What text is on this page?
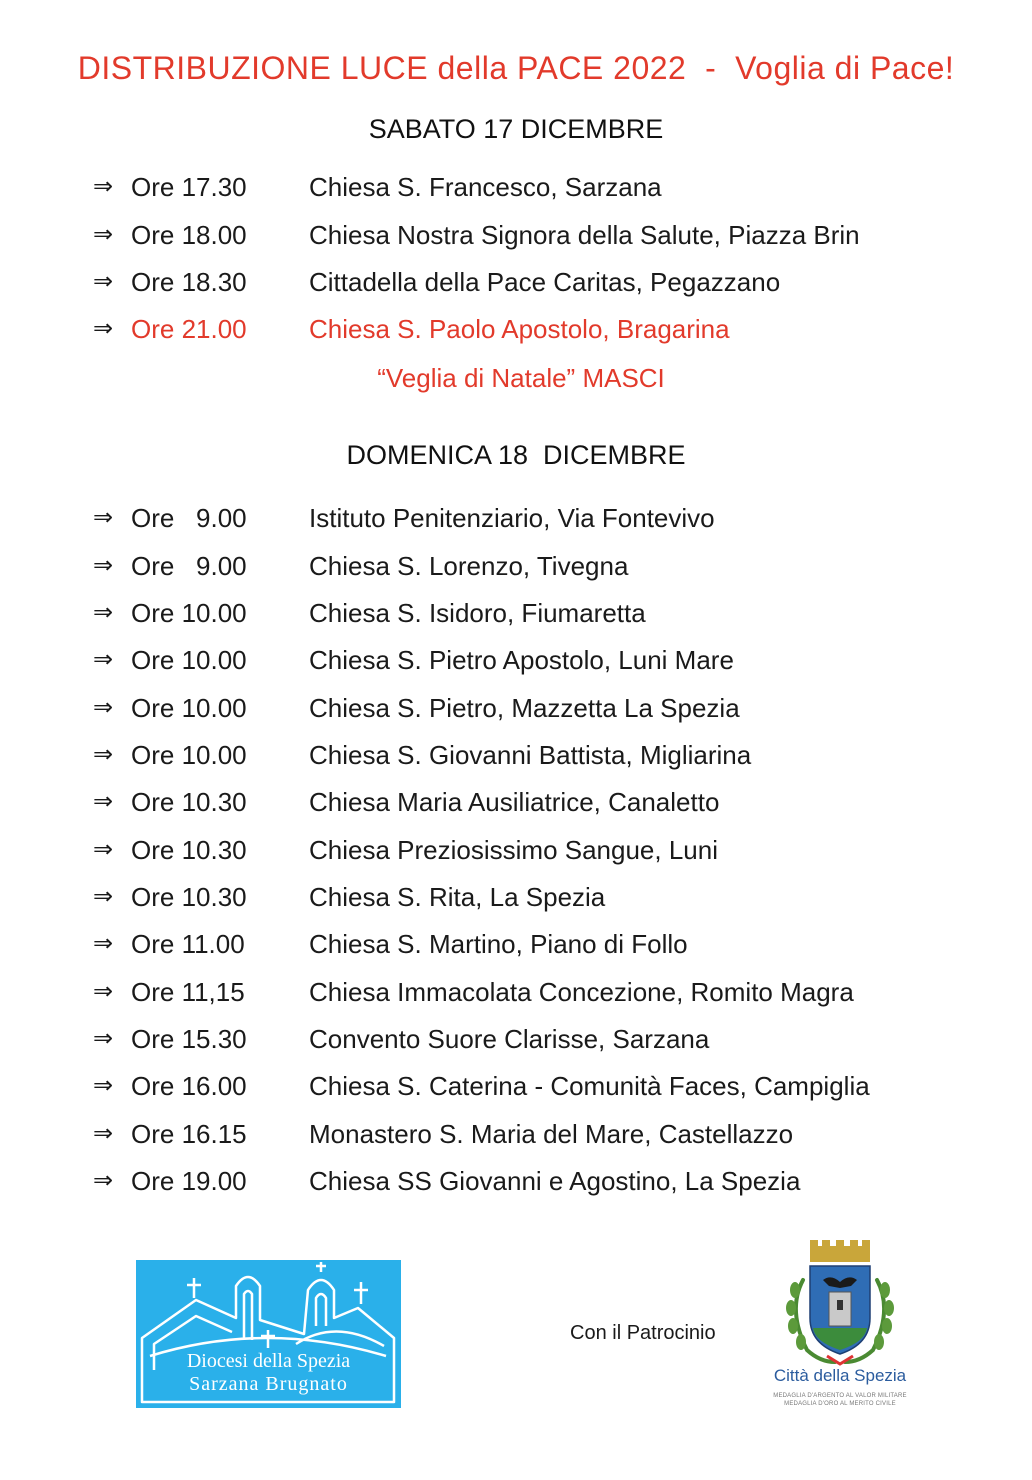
DISTRIBUZIONE LUCE della PACE 2022  -  Voglia di Pace!
SABATO 17 DICEMBRE

⇒

Ore 17.30

Chiesa S. Francesco, Sarzana

⇒

Ore 18.00

Chiesa Nostra Signora della Salute, Piazza Brin

⇒

Ore 18.30

Cittadella della Pace Caritas, Pegazzano

⇒

Ore 21.00

Chiesa S. Paolo Apostolo, Bragarina

“Veglia di Natale” MASCI
DOMENICA 18  DICEMBRE

⇒

Ore   9.00

Istituto Penitenziario, Via Fontevivo

⇒

Ore   9.00

Chiesa S. Lorenzo, Tivegna

⇒

Ore 10.00

Chiesa S. Isidoro, Fiumaretta

⇒

Ore 10.00

Chiesa S. Pietro Apostolo, Luni Mare

⇒

Ore 10.00

Chiesa S. Pietro, Mazzetta La Spezia

⇒

Ore 10.00

Chiesa S. Giovanni Battista, Migliarina

⇒

Ore 10.30

Chiesa Maria Ausiliatrice, Canaletto

⇒

Ore 10.30

Chiesa Preziosissimo Sangue, Luni

⇒

Ore 10.30

Chiesa S. Rita, La Spezia

⇒

Ore 11.00

Chiesa S. Martino, Piano di Follo

⇒

Ore 11,15

Chiesa Immacolata Concezione, Romito Magra

⇒

Ore 15.30

Convento Suore Clarisse, Sarzana

⇒

Ore 16.00

Chiesa S. Caterina - Comunità Faces, Campiglia

⇒

Ore 16.15

Monastero S. Maria del Mare, Castellazzo

⇒

Ore 19.00

Chiesa SS Giovanni e Agostino, La Spezia

Diocesi della Spezia
Sarzana Brugnato
Con il Patrocinio
Città della Spezia
MEDAGLIA D'ARGENTO AL VALOR MILITARE
MEDAGLIA D'ORO AL MERITO CIVILE
